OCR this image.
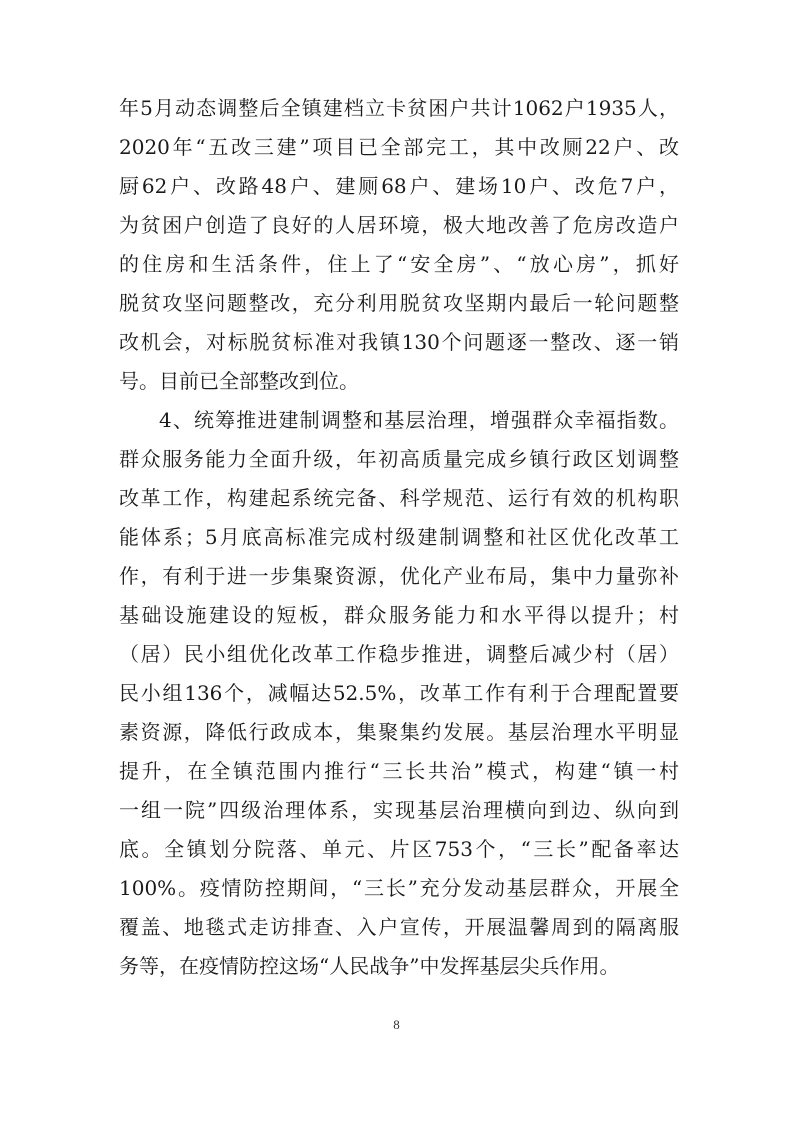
年5月动态调整后全镇建档立卡贫困户共计1062户1935人，
2020年“五改三建”项目已全部完工，其中改厕22户、改
厨62户、改路48户、建厕68户、建场10户、改危7户，
为贫困户创造了良好的人居环境，极大地改善了危房改造户
的住房和生活条件，住上了“安全房”、“放心房”，抓好
脱贫攻坚问题整改，充分利用脱贫攻坚期内最后一轮问题整
改机会，对标脱贫标准对我镇130个问题逐一整改、逐一销
号。目前已全部整改到位。
4、统筹推进建制调整和基层治理，增强群众幸福指数。
群众服务能力全面升级，年初高质量完成乡镇行政区划调整
改革工作，构建起系统完备、科学规范、运行有效的机构职
能体系；5月底高标准完成村级建制调整和社区优化改革工
作，有利于进一步集聚资源，优化产业布局，集中力量弥补
基础设施建设的短板，群众服务能力和水平得以提升；村
（居）民小组优化改革工作稳步推进，调整后减少村（居）
民小组136个，减幅达52.5%，改革工作有利于合理配置要
素资源，降低行政成本，集聚集约发展。基层治理水平明显
提升，在全镇范围内推行“三长共治”模式，构建“镇一村
一组一院”四级治理体系，实现基层治理横向到边、纵向到
底。全镇划分院落、单元、片区753个，“三长”配备率达
100%。疫情防控期间，“三长”充分发动基层群众，开展全
覆盖、地毯式走访排查、入户宣传，开展温馨周到的隔离服
务等，在疫情防控这场“人民战争”中发挥基层尖兵作用。
8
